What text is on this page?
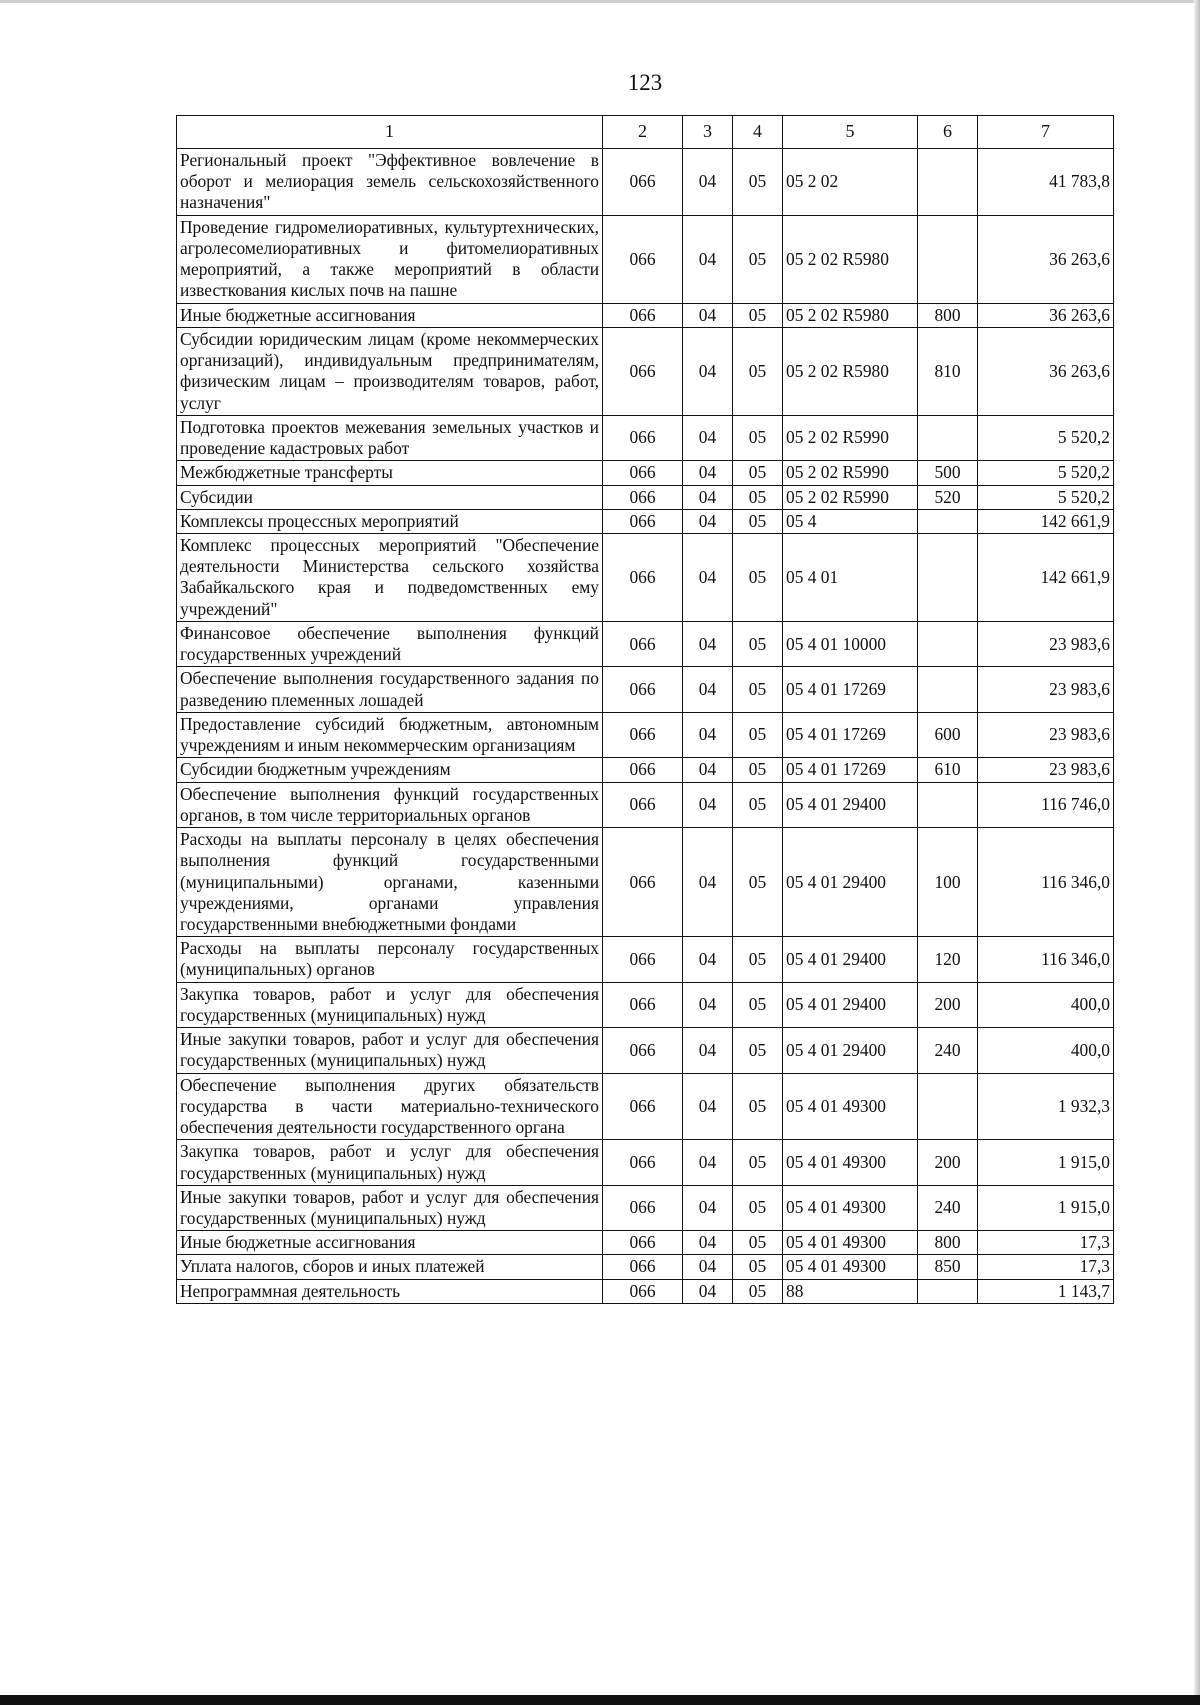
123
1	2	3	4	5	6	7
Региональный проект "Эффективное вовлечение в оборот и мелиорация земель сельскохозяйственного назначения"	066	04	05	05 2 02		41 783,8
Проведение гидромелиоративных, культуртехнических, агролесомелиоративных и фитомелиоративных мероприятий, а также мероприятий в области известкования кислых почв на пашне	066	04	05	05 2 02 R5980		36 263,6
Иные бюджетные ассигнования	066	04	05	05 2 02 R5980	800	36 263,6
Субсидии юридическим лицам (кроме некоммерческих организаций), индивидуальным предпринимателям, физическим лицам – производителям товаров, работ, услуг	066	04	05	05 2 02 R5980	810	36 263,6
Подготовка проектов межевания земельных участков и проведение кадастровых работ	066	04	05	05 2 02 R5990		5 520,2
Межбюджетные трансферты	066	04	05	05 2 02 R5990	500	5 520,2
Субсидии	066	04	05	05 2 02 R5990	520	5 520,2
Комплексы процессных мероприятий	066	04	05	05 4		142 661,9
Комплекс процессных мероприятий "Обеспечение деятельности Министерства сельского хозяйства Забайкальского края и подведомственных ему учреждений"	066	04	05	05 4 01		142 661,9
Финансовое обеспечение выполнения функций государственных учреждений	066	04	05	05 4 01 10000		23 983,6
Обеспечение выполнения государственного задания по разведению племенных лошадей	066	04	05	05 4 01 17269		23 983,6
Предоставление субсидий бюджетным, автономным учреждениям и иным некоммерческим организациям	066	04	05	05 4 01 17269	600	23 983,6
Субсидии бюджетным учреждениям	066	04	05	05 4 01 17269	610	23 983,6
Обеспечение выполнения функций государственных органов, в том числе территориальных органов	066	04	05	05 4 01 29400		116 746,0
Расходы на выплаты персоналу в целях обеспечения выполнения функций государственными (муниципальными) органами, казенными учреждениями, органами управления государственными внебюджетными фондами	066	04	05	05 4 01 29400	100	116 346,0
Расходы на выплаты персоналу государственных (муниципальных) органов	066	04	05	05 4 01 29400	120	116 346,0
Закупка товаров, работ и услуг для обеспечения государственных (муниципальных) нужд	066	04	05	05 4 01 29400	200	400,0
Иные закупки товаров, работ и услуг для обеспечения государственных (муниципальных) нужд	066	04	05	05 4 01 29400	240	400,0
Обеспечение выполнения других обязательств государства в части материально-технического обеспечения деятельности государственного органа	066	04	05	05 4 01 49300		1 932,3
Закупка товаров, работ и услуг для обеспечения государственных (муниципальных) нужд	066	04	05	05 4 01 49300	200	1 915,0
Иные закупки товаров, работ и услуг для обеспечения государственных (муниципальных) нужд	066	04	05	05 4 01 49300	240	1 915,0
Иные бюджетные ассигнования	066	04	05	05 4 01 49300	800	17,3
Уплата налогов, сборов и иных платежей	066	04	05	05 4 01 49300	850	17,3
Непрограммная деятельность	066	04	05	88		1 143,7
